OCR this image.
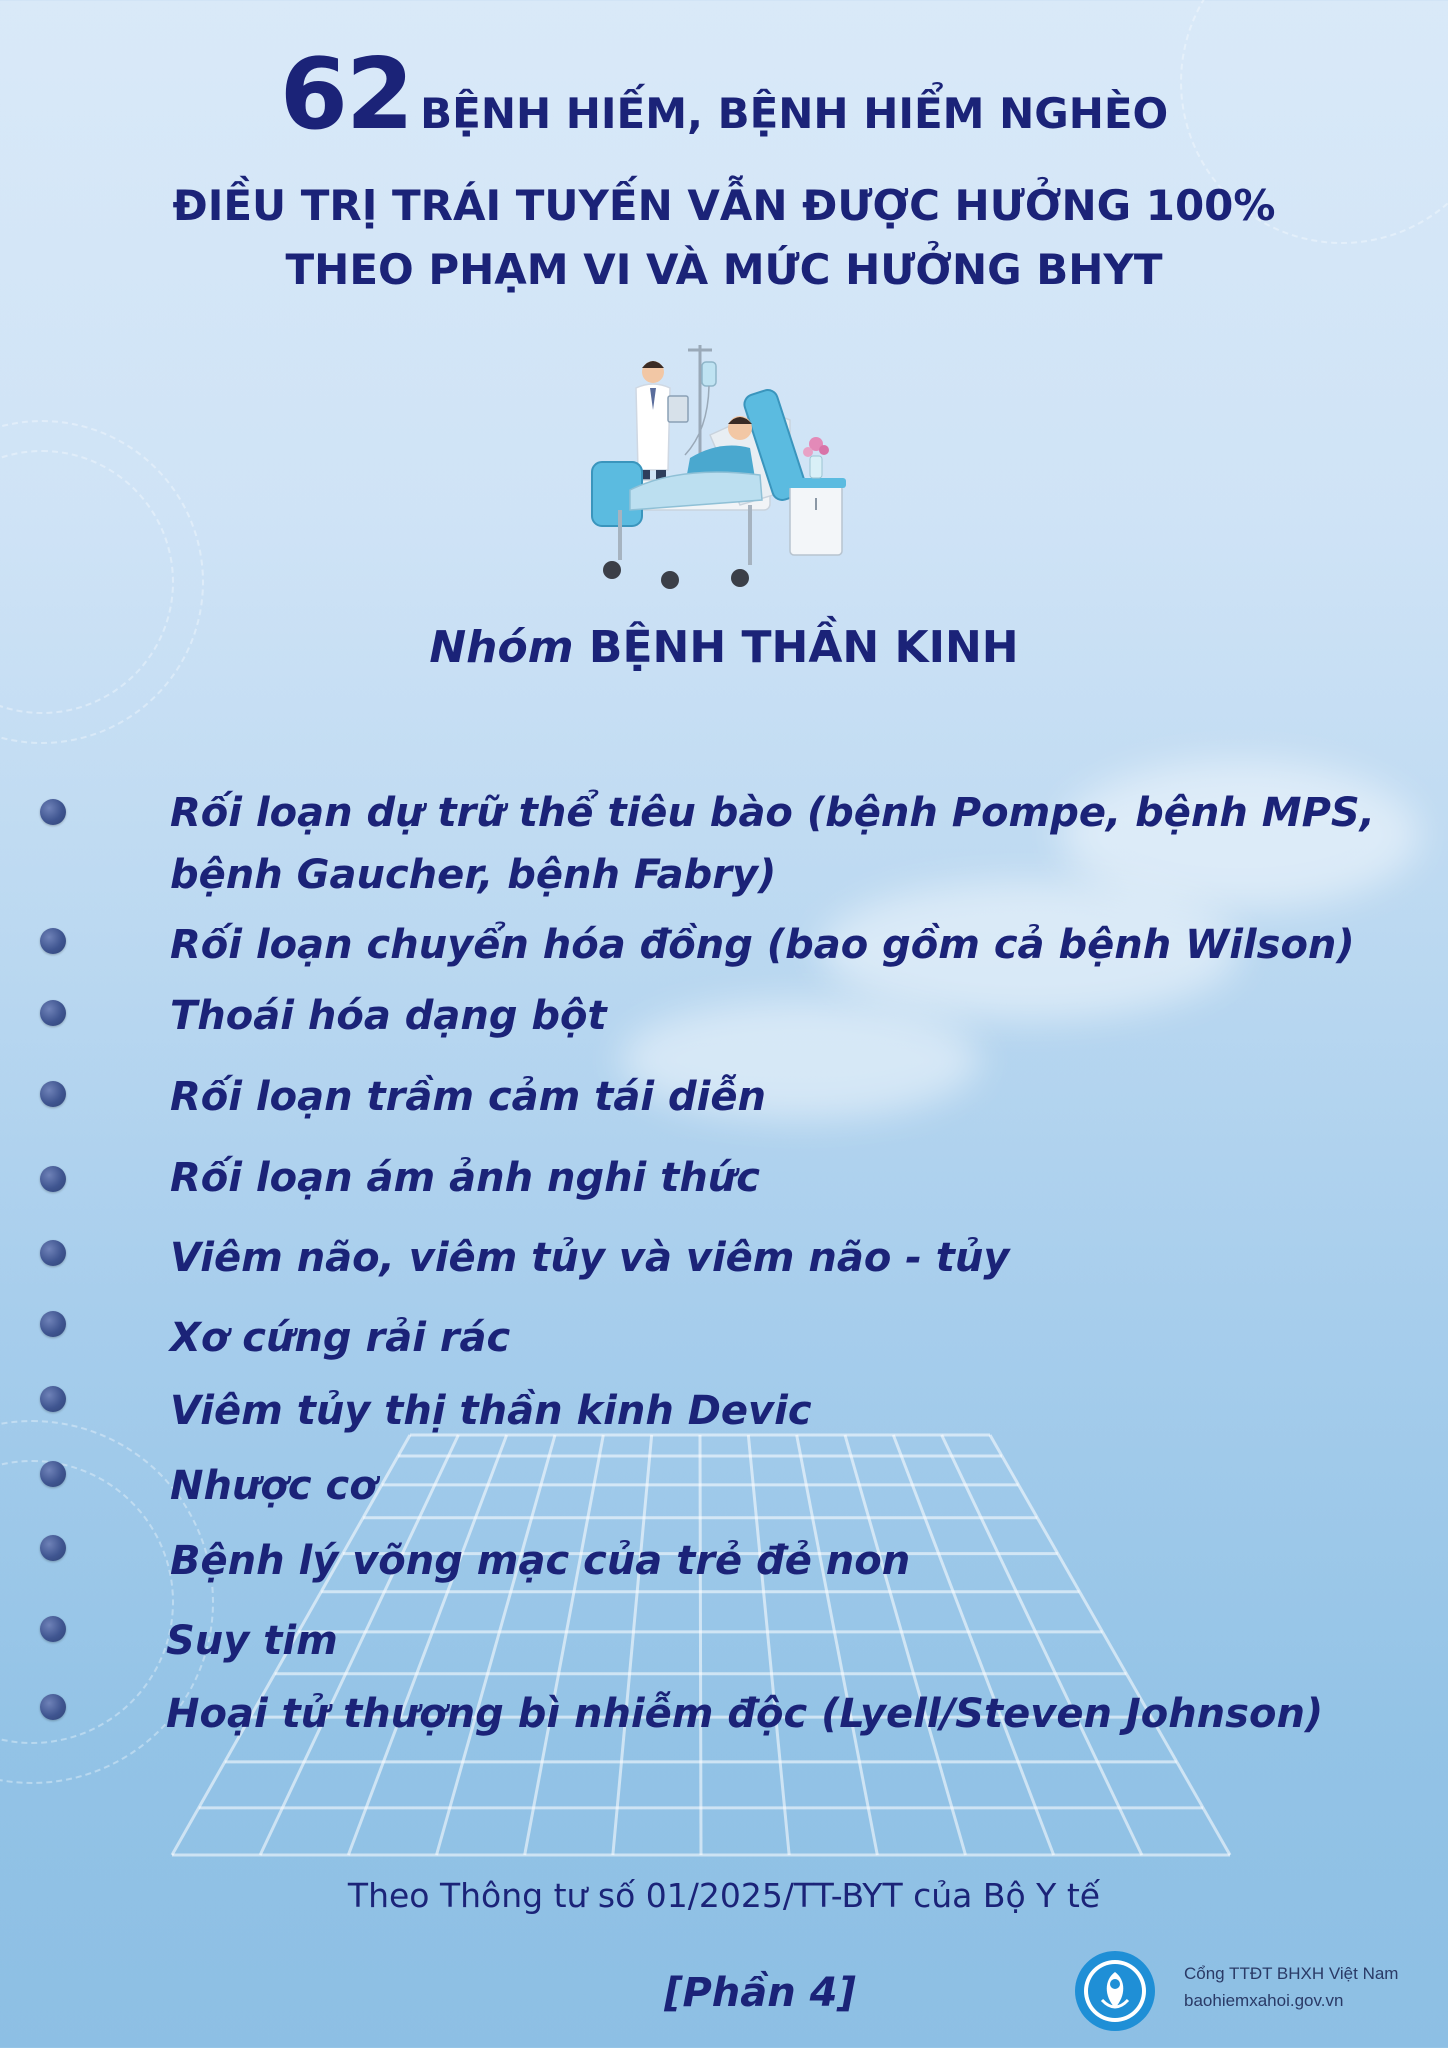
62 BỆNH HIẾM, BỆNH HIỂM NGHÈO
ĐIỀU TRỊ TRÁI TUYẾN VẪN ĐƯỢC HƯỞNG 100%
THEO PHẠM VI VÀ MỨC HƯỞNG BHYT
Nhóm BỆNH THẦN KINH
Rối loạn dự trữ thể tiêu bào (bệnh Pompe, bệnh MPS, bệnh Gaucher, bệnh Fabry)
Rối loạn chuyển hóa đồng (bao gồm cả bệnh Wilson)
Thoái hóa dạng bột
Rối loạn trầm cảm tái diễn
Rối loạn ám ảnh nghi thức
Viêm não, viêm tủy và viêm não - tủy
Xơ cứng rải rác
Viêm tủy thị thần kinh Devic
Nhược cơ
Bệnh lý võng mạc của trẻ đẻ non
Suy tim
Hoại tử thượng bì nhiễm độc (Lyell/Steven Johnson)
Theo Thông tư số 01/2025/TT-BYT của Bộ Y tế
[Phần 4]	Cổng TTĐT BHXH Việt Nam
baohiemxahoi.gov.vn
